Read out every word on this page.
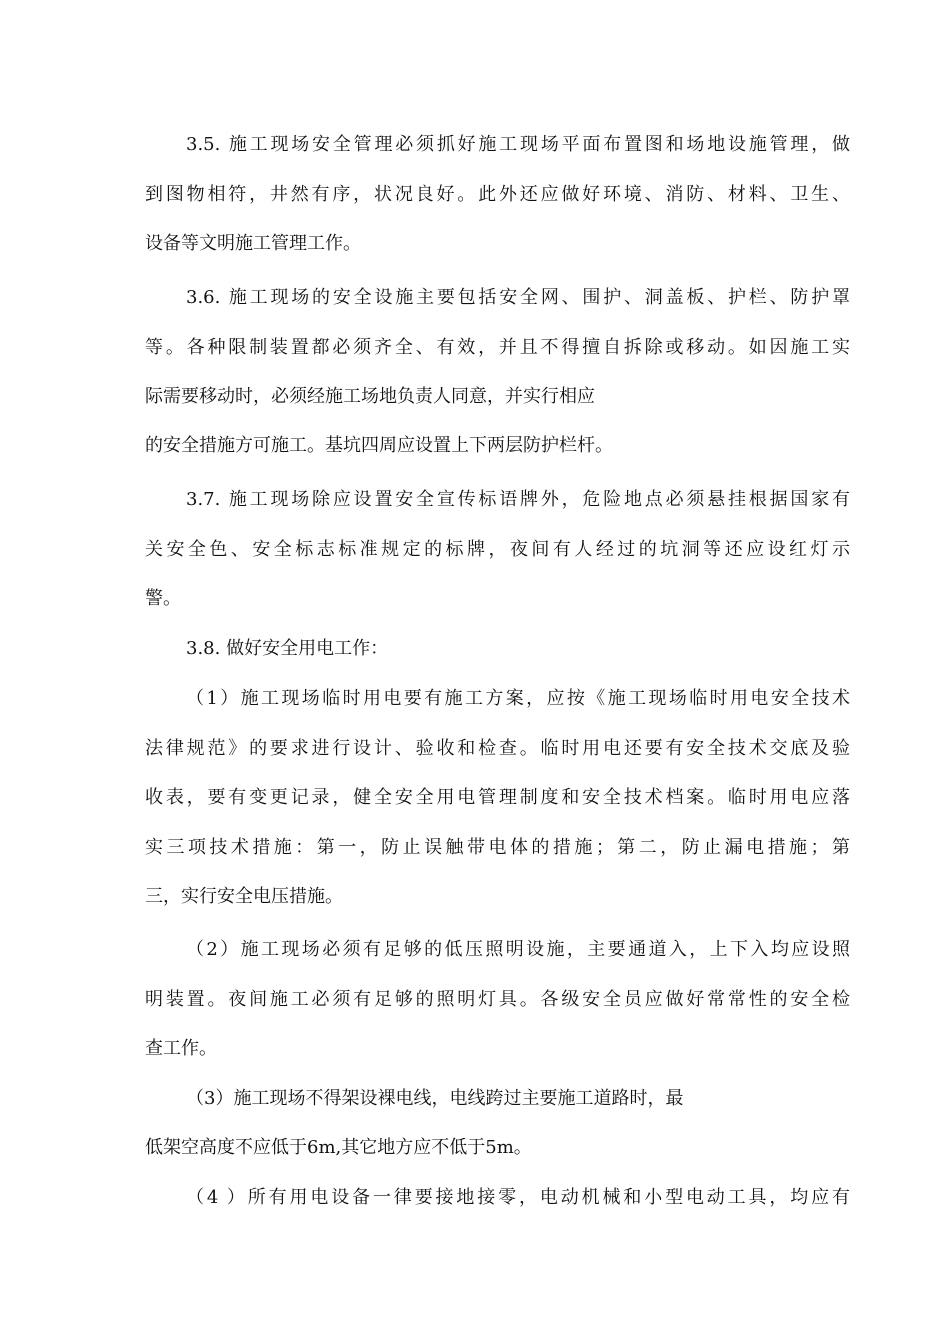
3.5. 施工现场安全管理必须抓好施工现场平面布置图和场地设施管理，做
到图物相符，井然有序，状况良好。此外还应做好环境、消防、材料、卫生、
设备等文明施工管理工作。
3.6. 施工现场的安全设施主要包括安全网、围护、洞盖板、护栏、防护罩
等。各种限制装置都必须齐全、有效，并且不得擅自拆除或移动。如因施工实
际需要移动时，必须经施工场地负责人同意，并实行相应
的安全措施方可施工。基坑四周应设置上下两层防护栏杆。
3.7. 施工现场除应设置安全宣传标语牌外，危险地点必须悬挂根据国家有
关安全色、安全标志标准规定的标牌，夜间有人经过的坑洞等还应设红灯示
警。
3.8. 做好安全用电工作：
（1）施工现场临时用电要有施工方案，应按《施工现场临时用电安全技术
法律规范》的要求进行设计、验收和检查。临时用电还要有安全技术交底及验
收表，要有变更记录，健全安全用电管理制度和安全技术档案。临时用电应落
实三项技术措施：第一，防止误触带电体的措施；第二，防止漏电措施；第
三，实行安全电压措施。
（2）施工现场必须有足够的低压照明设施，主要通道入，上下入均应设照
明装置。夜间施工必须有足够的照明灯具。各级安全员应做好常常性的安全检
查工作。
（3）施工现场不得架设裸电线，电线跨过主要施工道路时，最
低架空高度不应低于6m,其它地方应不低于5m。
（4 ）所有用电设备一律要接地接零，电动机械和小型电动工具，均应有
